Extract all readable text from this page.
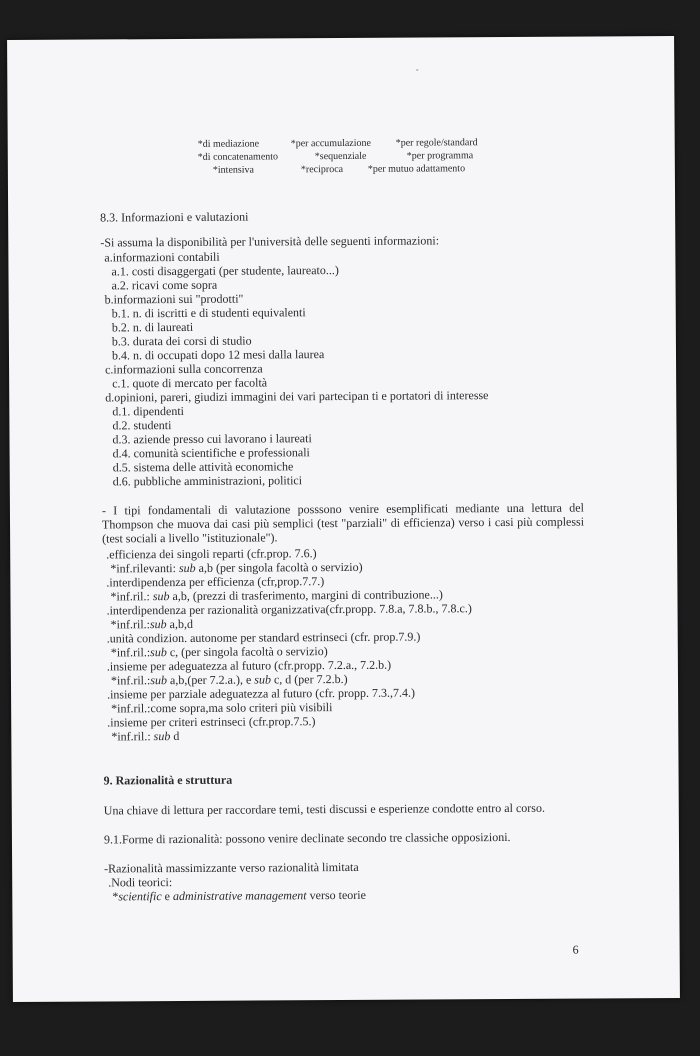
*di mediazione	*per accumulazione *per regole/standard
*di concatenamento	*sequenziale	*per programma
*intensiva	*reciproca *per mutuo adattamento
8.3. Informazioni e valutazioni
-Si assuma la disponibilità per l'università delle seguenti informazioni:
a.informazioni contabili
a.1. costi disaggergati (per studente, laureato...)
a.2. ricavi come sopra
b.informazioni sui "prodotti"
b.1. n. di iscritti e di studenti equivalenti
b.2. n. di laureati
b.3. durata dei corsi di studio
b.4. n. di occupati dopo 12 mesi dalla laurea
c.informazioni sulla concorrenza
c.1. quote di mercato per facoltà
d.opinioni, pareri, giudizi immagini dei vari partecipan ti e portatori di interesse
d.1. dipendenti
d.2. studenti
d.3. aziende presso cui lavorano i laureati
d.4. comunità scientifiche e professionali
d.5. sistema delle attività economiche
d.6. pubbliche amministrazioni, politici
- I tipi fondamentali di valutazione posssono venire esemplificati mediante una lettura del Thompson che muova dai casi più semplici (test "parziali" di efficienza) verso i casi più complessi (test sociali a livello "istituzionale").
.efficienza dei singoli reparti (cfr.prop. 7.6.)
*inf.rilevanti: sub a,b (per singola facoltà o servizio)
.interdipendenza per efficienza (cfr,prop.7.7.)
*inf.ril.: sub a,b, (prezzi di trasferimento, margini di contribuzione...)
.interdipendenza per razionalità organizzativa(cfr.propp. 7.8.a, 7.8.b., 7.8.c.)
*inf.ril.:sub a,b,d
.unità condizion. autonome per standard estrinseci (cfr. prop.7.9.)
*inf.ril.:sub c, (per singola facoltà o servizio)
.insieme per adeguatezza al futuro (cfr.propp. 7.2.a., 7.2.b.)
*inf.ril.:sub a,b,(per 7.2.a.), e sub c, d (per 7.2.b.)
.insieme per parziale adeguatezza al futuro (cfr. propp. 7.3.,7.4.)
*inf.ril.:come sopra,ma solo criteri più visibili
.insieme per criteri estrinseci (cfr.prop.7.5.)
*inf.ril.: sub d
9. Razionalità e struttura
Una chiave di lettura per raccordare temi, testi discussi e esperienze condotte entro al corso.
9.1.Forme di razionalità: possono venire declinate secondo tre classiche opposizioni.
-Razionalità massimizzante verso razionalità limitata
.Nodi teorici:
*scientific e administrative management verso teorie
6
